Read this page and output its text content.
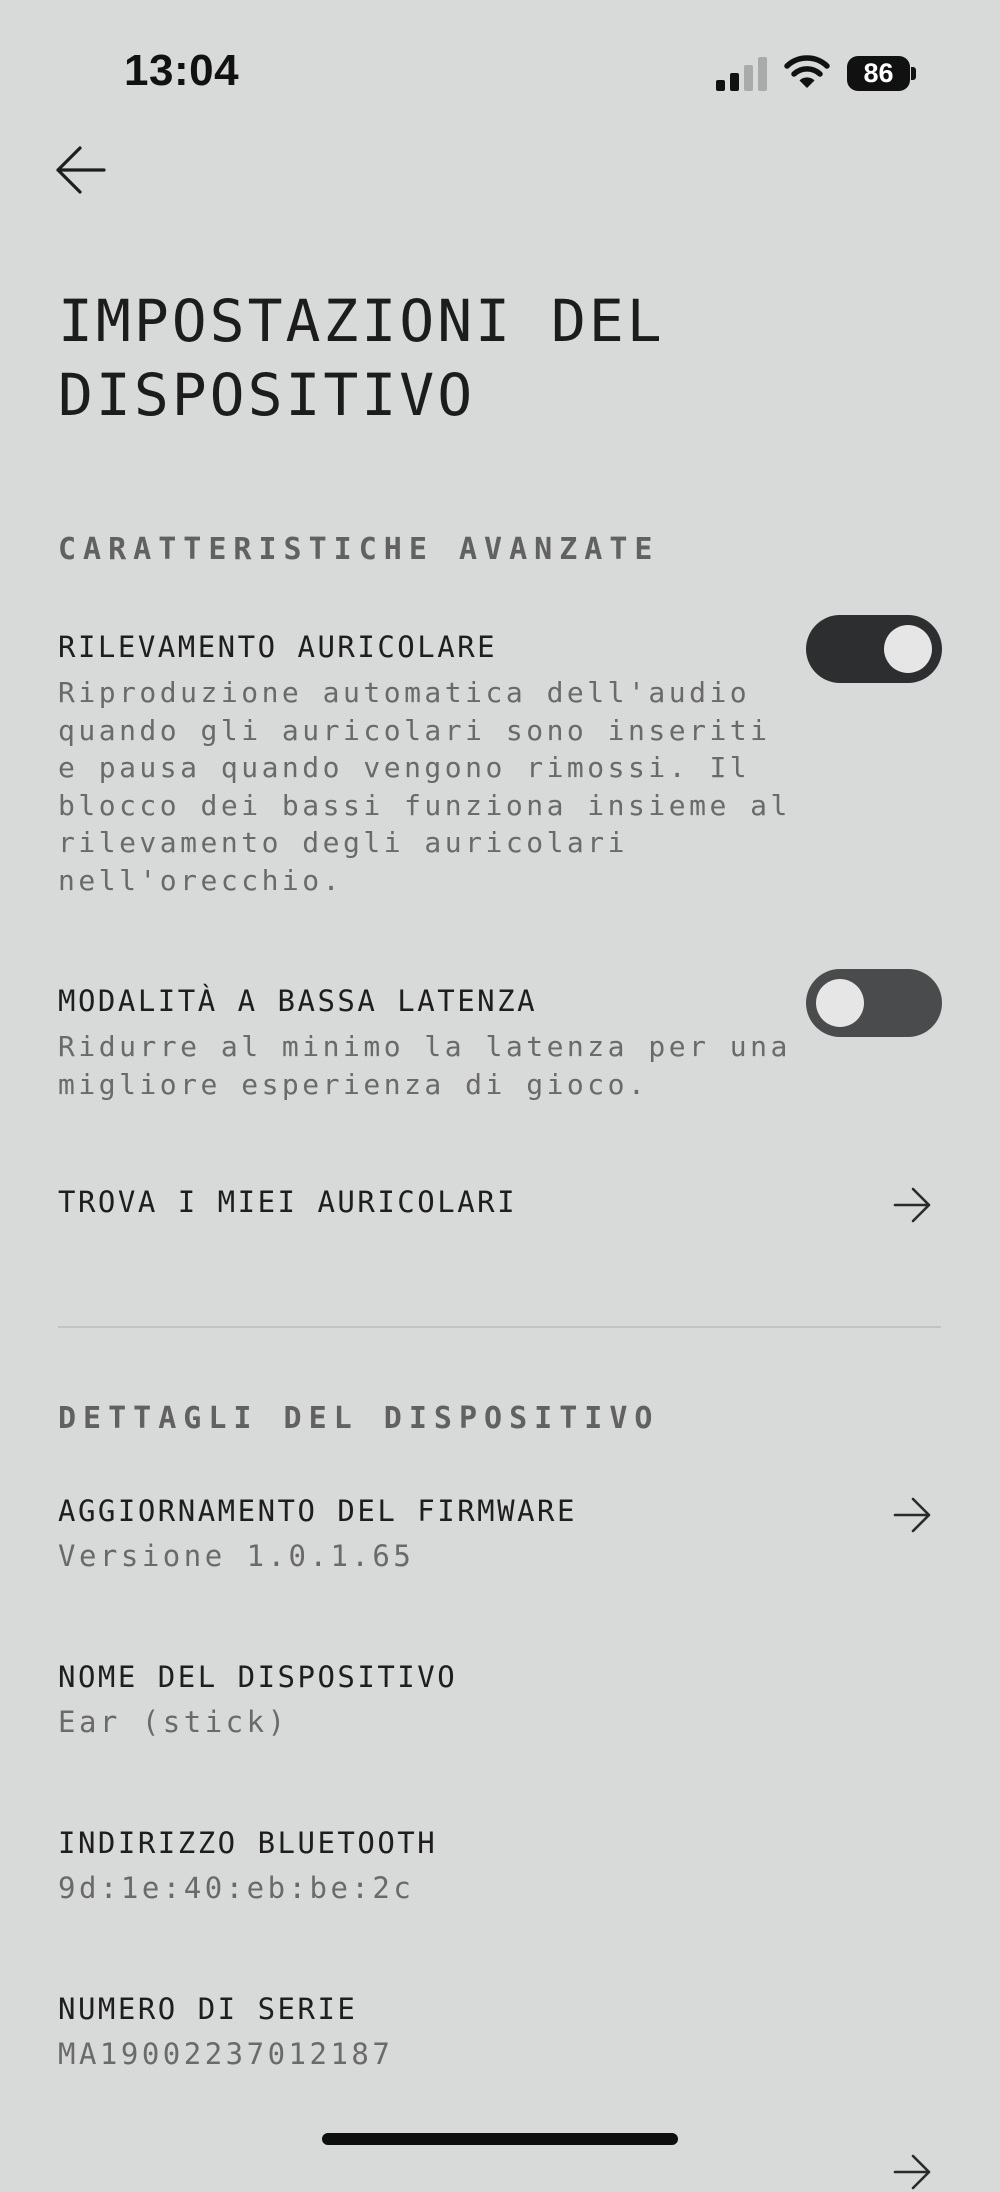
13:04	86
IMPOSTAZIONI DEL DISPOSITIVO
CARATTERISTICHE AVANZATE
RILEVAMENTO AURICOLARE
Riproduzione automatica dell'audio
quando gli auricolari sono inseriti
e pausa quando vengono rimossi. Il
blocco dei bassi funziona insieme al
rilevamento degli auricolari
nell'orecchio.
MODALITÀ A BASSA LATENZA
Ridurre al minimo la latenza per una
migliore esperienza di gioco.
TROVA I MIEI AURICOLARI
DETTAGLI DEL DISPOSITIVO
AGGIORNAMENTO DEL FIRMWARE
Versione 1.0.1.65
NOME DEL DISPOSITIVO
Ear (stick)
INDIRIZZO BLUETOOTH
9d:1e:40:eb:be:2c
NUMERO DI SERIE
MA19002237012187
